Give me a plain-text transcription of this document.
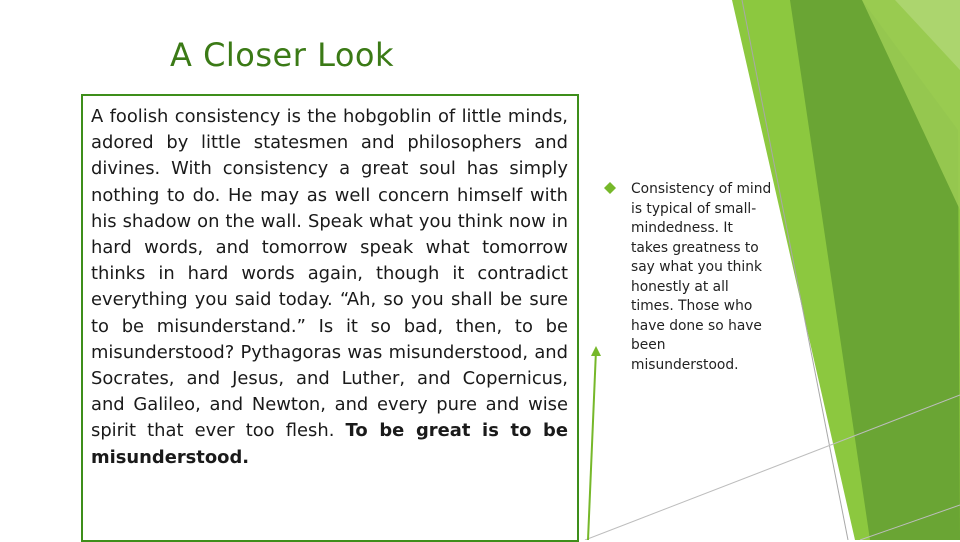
A Closer Look

A foolish consistency is the hobgoblin of little minds, adored by little statesmen and philosophers and divines. With consistency a great soul has simply nothing to do. He may as well concern himself with his shadow on the wall. Speak what you think now in hard words, and tomorrow speak what tomorrow thinks in hard words again, though it contradict everything you said today. “Ah, so you shall be sure to be misunderstand.” Is it so bad, then, to be misunderstood? Pythagoras was misunderstood, and Socrates, and Jesus, and Luther, and Copernicus, and Galileo, and Newton, and every pure and wise spirit that ever too flesh. To be great is to be misunderstood.

Consistency of mind is typical of small-mindedness. It takes greatness to say what you think honestly at all times. Those who have done so have been misunderstood.
